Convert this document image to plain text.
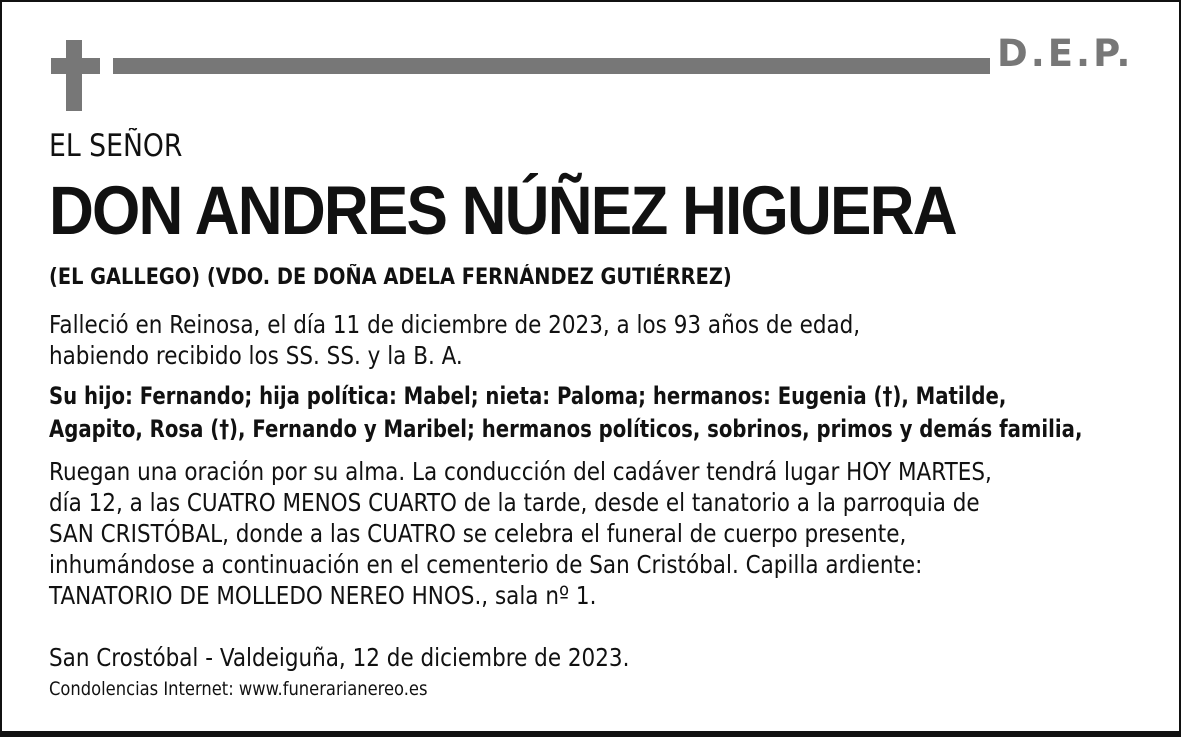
D.E.P.
EL SEÑOR
DON ANDRES NÚÑEZ HIGUERA
(EL GALLEGO) (VDO. DE DOÑA ADELA FERNÁNDEZ GUTIÉRREZ)
Falleció en Reinosa, el día 11 de diciembre de 2023, a los 93 años de edad,
habiendo recibido los SS. SS. y la B. A.
Su hijo: Fernando; hija política: Mabel; nieta: Paloma; hermanos: Eugenia (†), Matilde,
Agapito, Rosa (†), Fernando y Maribel; hermanos políticos, sobrinos, primos y demás familia,
Ruegan una oración por su alma. La conducción del cadáver tendrá lugar HOY MARTES,
día 12, a las CUATRO MENOS CUARTO de la tarde, desde el tanatorio a la parroquia de
SAN CRISTÓBAL, donde a las CUATRO se celebra el funeral de cuerpo presente,
inhumándose a continuación en el cementerio de San Cristóbal. Capilla ardiente:
TANATORIO DE MOLLEDO NEREO HNOS., sala nº 1.
San Crostóbal - Valdeiguña, 12 de diciembre de 2023.
Condolencias Internet: www.funerarianereo.es
